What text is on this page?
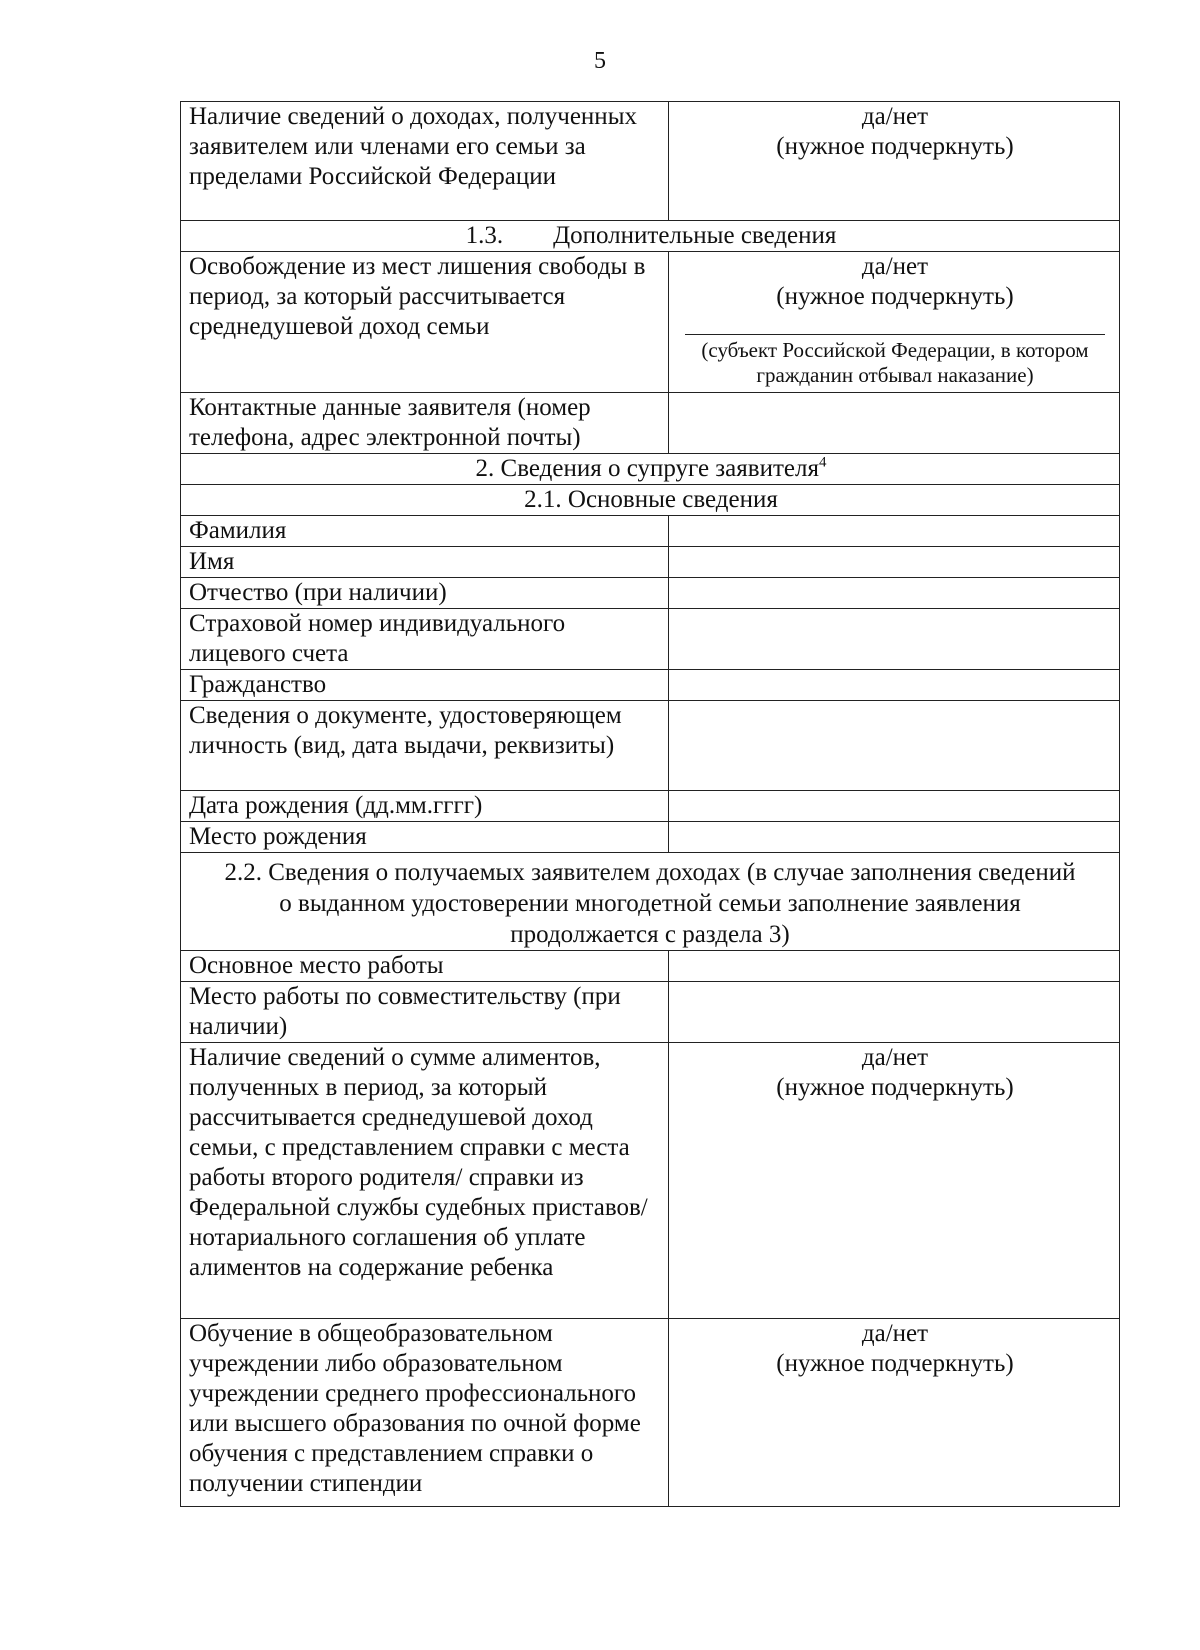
5
Наличие сведений о доходах, полученных заявителем или членами его семьи за пределами Российской Федерации	да/нет
(нужное подчеркнуть)

1.3. Дополнительные сведения	
Освобождение из мест лишения свободы в период, за который рассчитывается среднедушевой доход семьи	да/нет
(нужное подчеркнуть)
(субъект Российской Федерации, в котором гражданин отбывал наказание)

Контактные данные заявителя (номер телефона, адрес электронной почты)	
2. Сведения о супруге заявителя$^4$
2.1. Основные сведения	
Фамилия	
Имя	
Отчество (при наличии)	
Страховой номер индивидуального лицевого счета	
Гражданство	
Сведения о документе, удостоверяющем личность (вид, дата выдачи, реквизиты)	
Дата рождения (дд.мм.гггг)	
Место рождения	
2.2. Сведения о получаемых заявителем доходах (в случае заполнения сведений о выданном удостоверении многодетной семьи заполнение заявления продолжается с раздела 3)	
Основное место работы	
Место работы по совместительству (при наличии)	
Наличие сведений о сумме алиментов, полученных в период, за который рассчитывается среднедушевой доход семьи, с представлением справки с места работы второго родителя/ справки из Федеральной службы судебных приставов/ нотариального соглашения об уплате алиментов на содержание ребенка	да/нет
(нужное подчеркнуть)

Обучение в общеобразовательном учреждении либо образовательном учреждении среднего профессионального или высшего образования по очной форме обучения с представлением справки о получении стипендии	да/нет
(нужное подчеркнуть)
